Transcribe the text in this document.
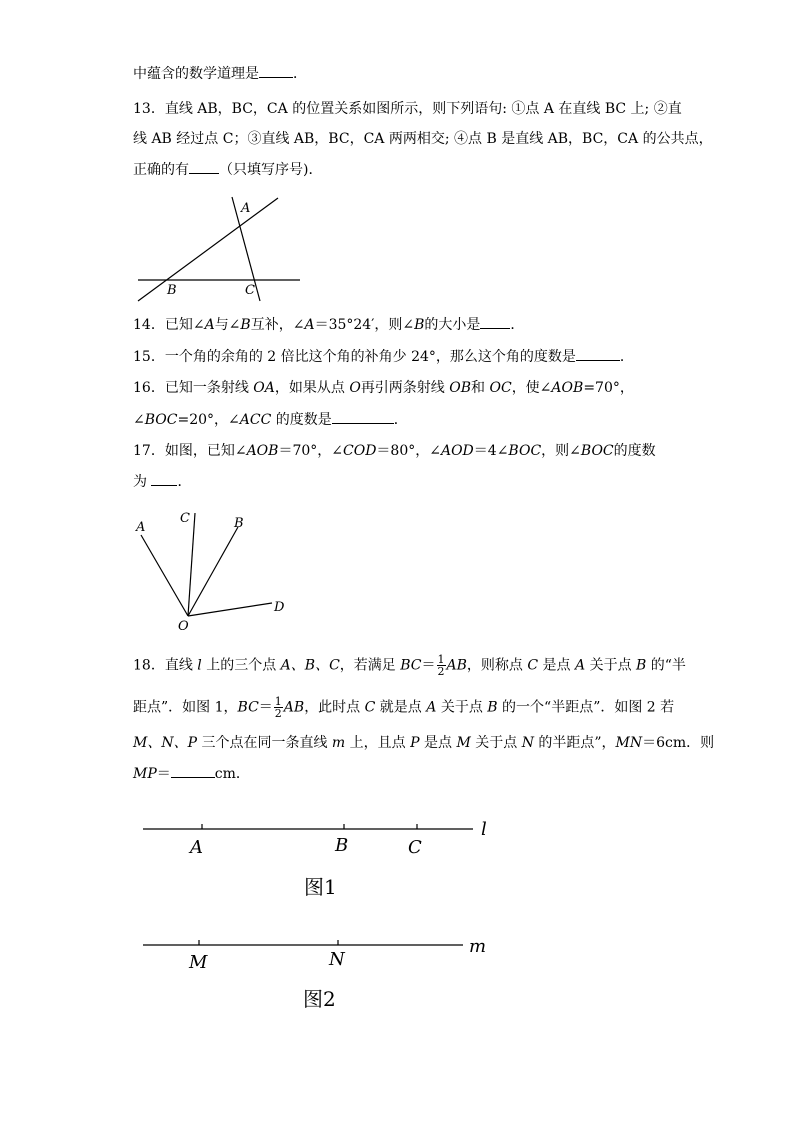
中蕴含的数学道理是 ．
13．直线 AB，BC，CA 的位置关系如图所示，则下列语句: ①点 A 在直线 BC 上; ②直
线 AB 经过点 C；③直线 AB，BC，CA 两两相交; ④点 B 是直线 AB，BC，CA 的公共点，
正确的有 （只填写序号)．
A
B	C
14．已知∠A与∠B互补，∠A＝35°24′，则∠B的大小是 ．
15．一个角的余角的 2 倍比这个角的补角少 24°，那么这个角的度数是	．
16．已知一条射线 OA，如果从点 O再引两条射线 OB和 OC，使∠AOB=70°，
∠BOC=20°，∠ACC 的度数是	．
17．如图，已知∠AOB＝70°，∠COD＝80°，∠AOD＝4∠BOC，则∠BOC的度数
为 ．
A
C	B
O
D
18．直线 l 上的三个点 A、B、C，若满足 $BC= \frac{1}{2}$ AB，则称点 C 是点 A 关于点 B 的“半
距点”．如图 1，$BC= \frac{1}{2}$ AB，此时点 C 就是点 A 关于点 B 的一个“半距点”．如图 2 若
M、N、P 三个点在同一条直线 m 上，且点 P 是点 M 关于点 N 的半距点”，MN＝6cm．则
MP＝	cm．
A	B	C
l
图1
M	N
m
图2
